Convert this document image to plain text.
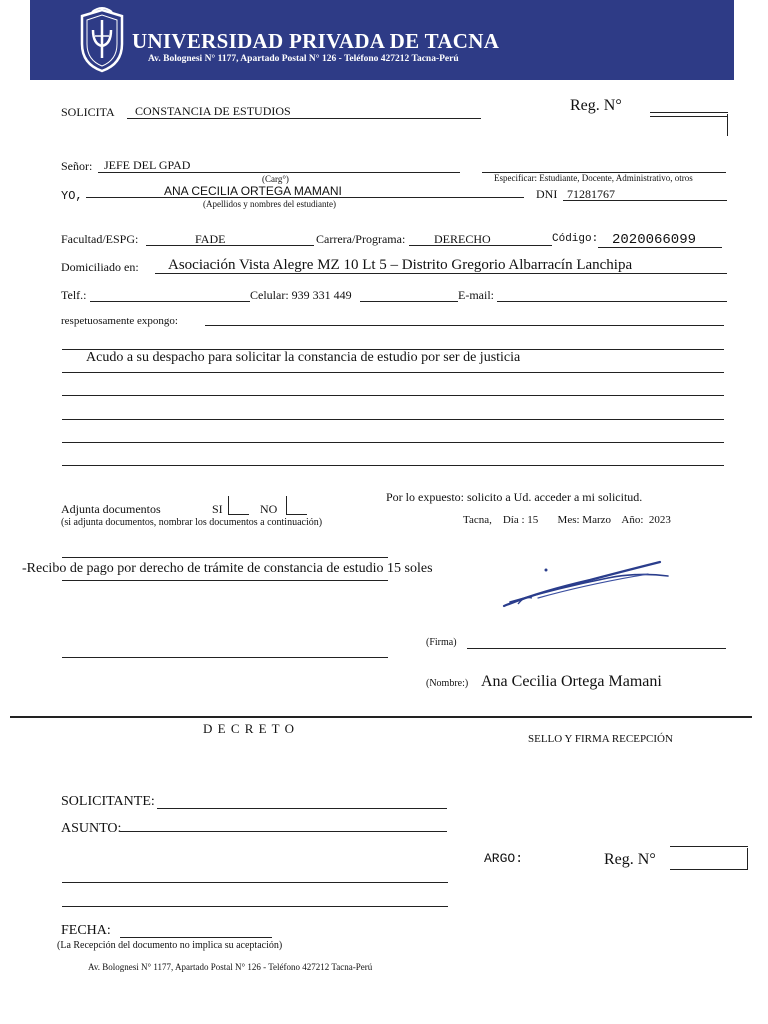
UNIVERSIDAD PRIVADA DE TACNA
Av. Bolognesi N° 1177, Apartado Postal N° 126 - Teléfono 427212 Tacna-Perú
SOLICITA CONSTANCIA DE ESTUDIOS	Reg. N°
Señor: JEFE DEL GPAD
(Carg°)	Especificar: Estudiante, Docente, Administrativo, otros
YO,	ANA CECILIA ORTEGA MAMANI
(Apellidos y nombres del estudiante)
DNI 71281767
Facultad/ESPG:	FADE	Carrera/Programa: DERECHO	Código: 2020066099
Domiciliado en: Asociación Vista Alegre MZ 10 Lt 5 – Distrito Gregorio Albarracín Lanchipa
Telf.:	Celular: 939 331 449	E-mail:
respetuosamente expongo:
Acudo a su despacho para solicitar la constancia de estudio por ser de justicia
Adjunta documentos	SI	NO
(si adjunta documentos, nombrar los documentos a continuación)
Por lo expuesto: solicito a Ud. acceder a mi solicitud.
Tacna,    Día : 15       Mes: Marzo    Año:  2023
-Recibo de pago por derecho de trámite de constancia de estudio 15 soles
(Firma)
(Nombre:) Ana Cecilia Ortega Mamani
D E C R E T O
SELLO Y FIRMA RECEPCIÓN
SOLICITANTE:
ASUNTO:
ARGO:	Reg. N°
FECHA:
(La Recepción del documento no implica su aceptación)
Av. Bolognesi N° 1177, Apartado Postal N° 126 - Teléfono 427212 Tacna-Perú
